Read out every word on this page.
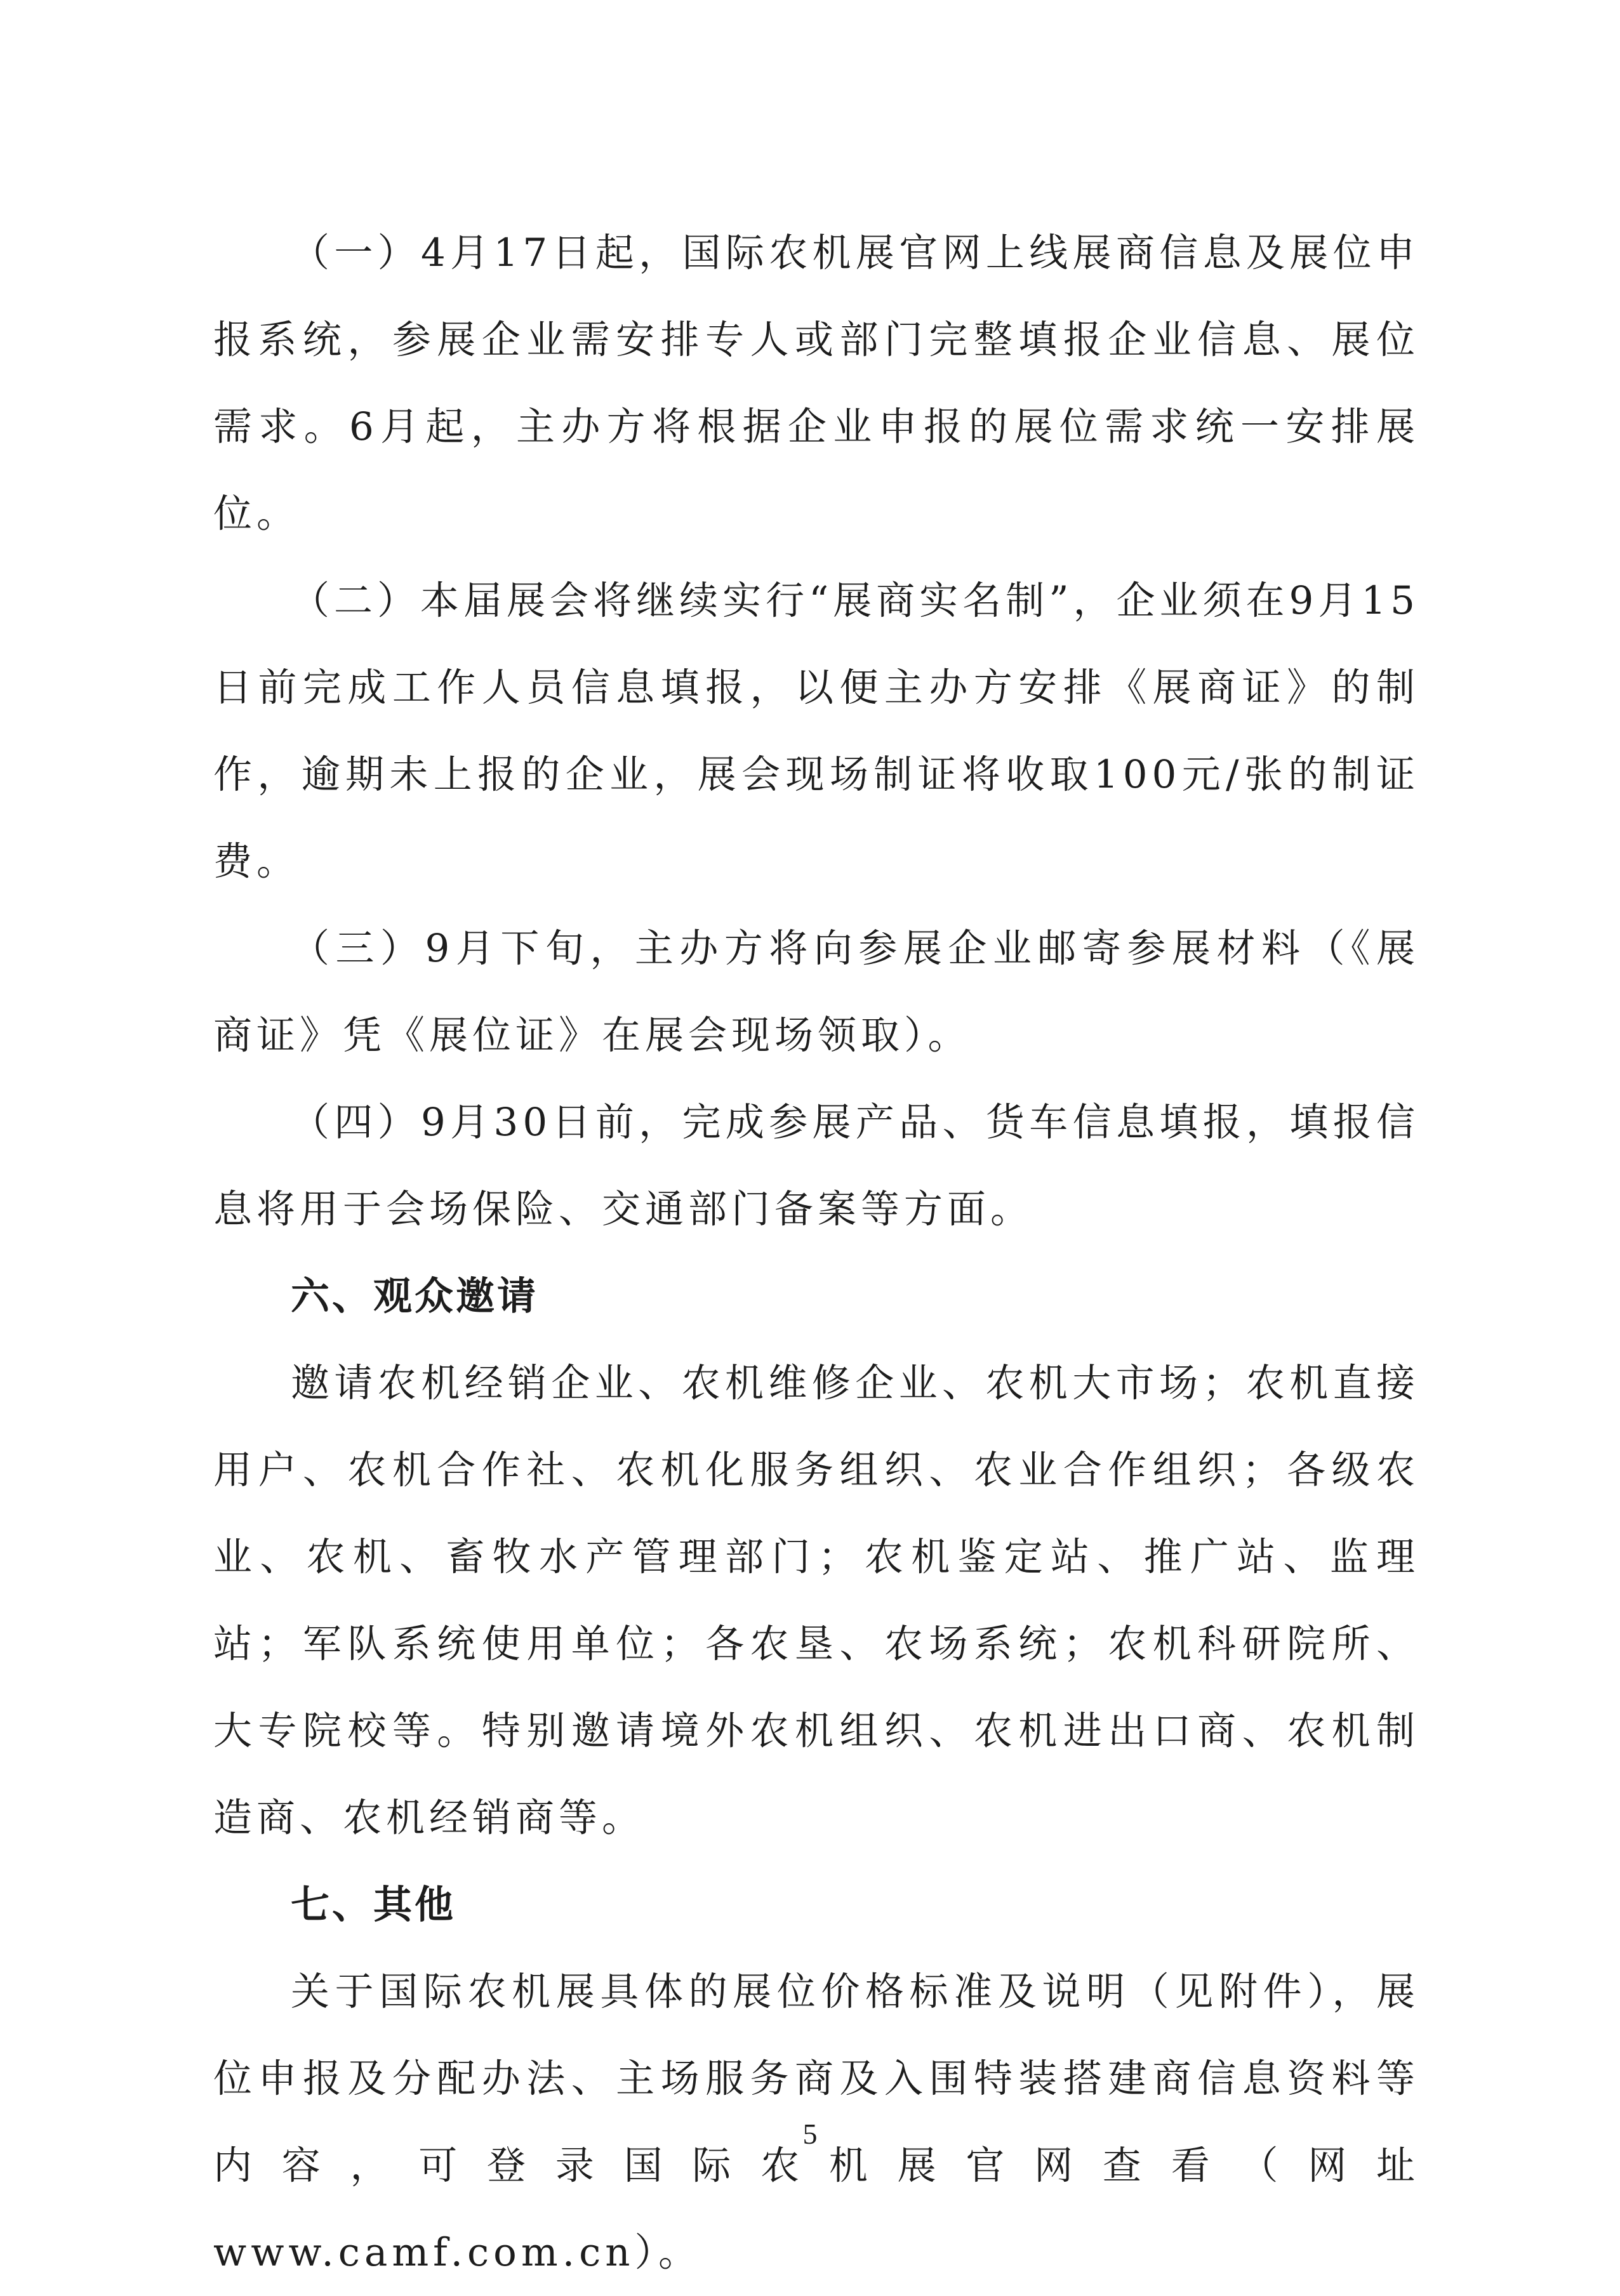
（一）4月17日起，国际农机展官网上线展商信息及展位申报系统，参展企业需安排专人或部门完整填报企业信息、展位需求。6月起，主办方将根据企业申报的展位需求统一安排展位。

（二）本届展会将继续实行“展商实名制”，企业须在9月15日前完成工作人员信息填报，以便主办方安排《展商证》的制作，逾期未上报的企业，展会现场制证将收取100元/张的制证费。

（三）9月下旬，主办方将向参展企业邮寄参展材料（《展商证》凭《展位证》在展会现场领取）。

（四）9月30日前，完成参展产品、货车信息填报，填报信息将用于会场保险、交通部门备案等方面。

六、观众邀请

邀请农机经销企业、农机维修企业、农机大市场；农机直接用户、农机合作社、农机化服务组织、农业合作组织；各级农业、农机、畜牧水产管理部门；农机鉴定站、推广站、监理站；军队系统使用单位；各农垦、农场系统；农机科研院所、大专院校等。特别邀请境外农机组织、农机进出口商、农机制造商、农机经销商等。

七、其他

关于国际农机展具体的展位价格标准及说明（见附件），展位申报及分配办法、主场服务商及入围特装搭建商信息资料等内容，可登录国际农机展官网查看（网址www.camf.com.cn）。

5
